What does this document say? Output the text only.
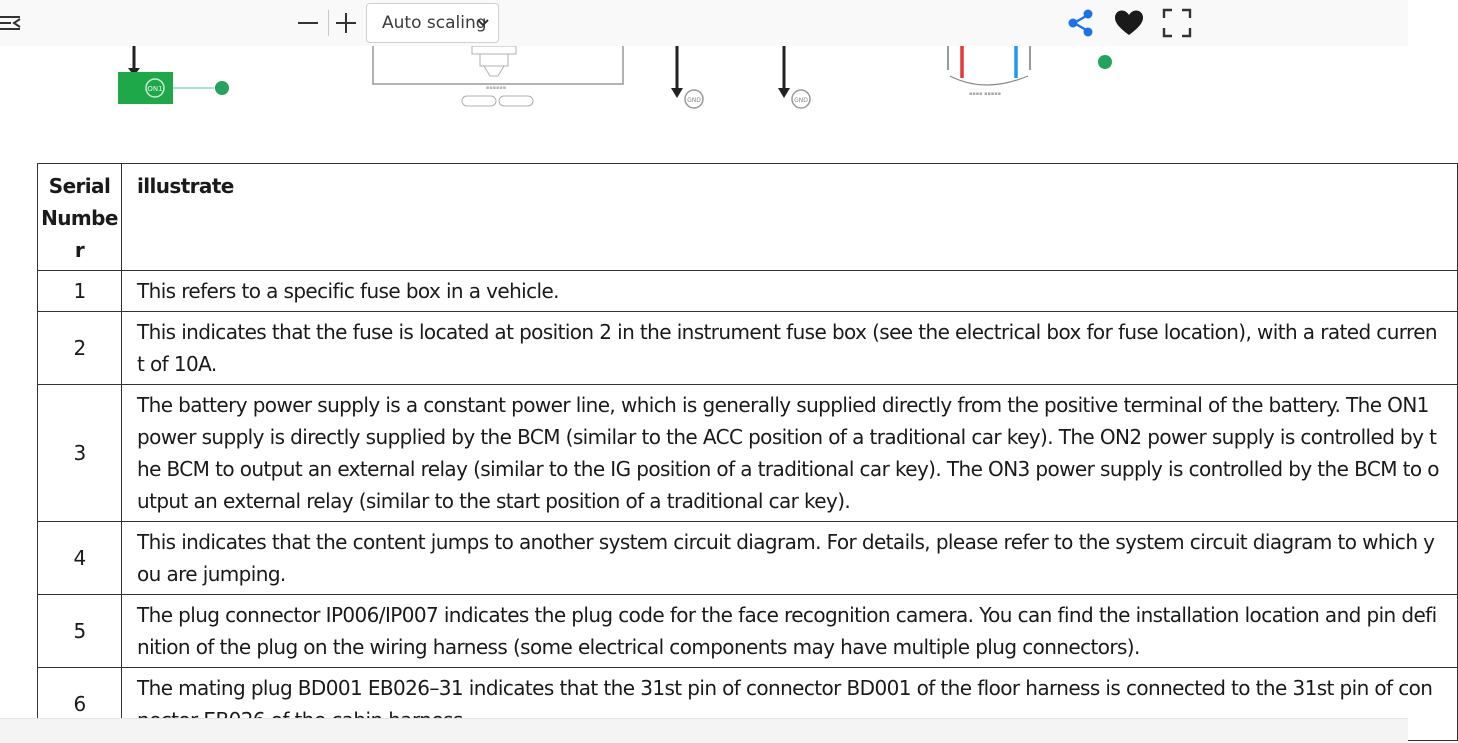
Auto scaling
ON1	▪▪▪▪▪▪
GND	GND
▪▪▪▪ ▪▪▪▪▪
Serial Number	illustrate
1	This refers to a specific fuse box in a vehicle.
2	This indicates that the fuse is located at position 2 in the instrument fuse box (see the electrical box for fuse location), with a rated current of 10A.
3	The battery power supply is a constant power line, which is generally supplied directly from the positive terminal of the battery. The ON1 power supply is directly supplied by the BCM (similar to the ACC position of a traditional car key). The ON2 power supply is controlled by the BCM to output an external relay (similar to the IG position of a traditional car key). The ON3 power supply is controlled by the BCM to output an external relay (similar to the start position of a traditional car key).
4	This indicates that the content jumps to another system circuit diagram. For details, please refer to the system circuit diagram to which you are jumping.
5	The plug connector IP006/IP007 indicates the plug code for the face recognition camera. You can find the installation location and pin definition of the plug on the wiring harness (some electrical components may have multiple plug connectors).
6	The mating plug BD001 EB026–31 indicates that the 31st pin of connector BD001 of the floor harness is connected to the 31st pin of con
